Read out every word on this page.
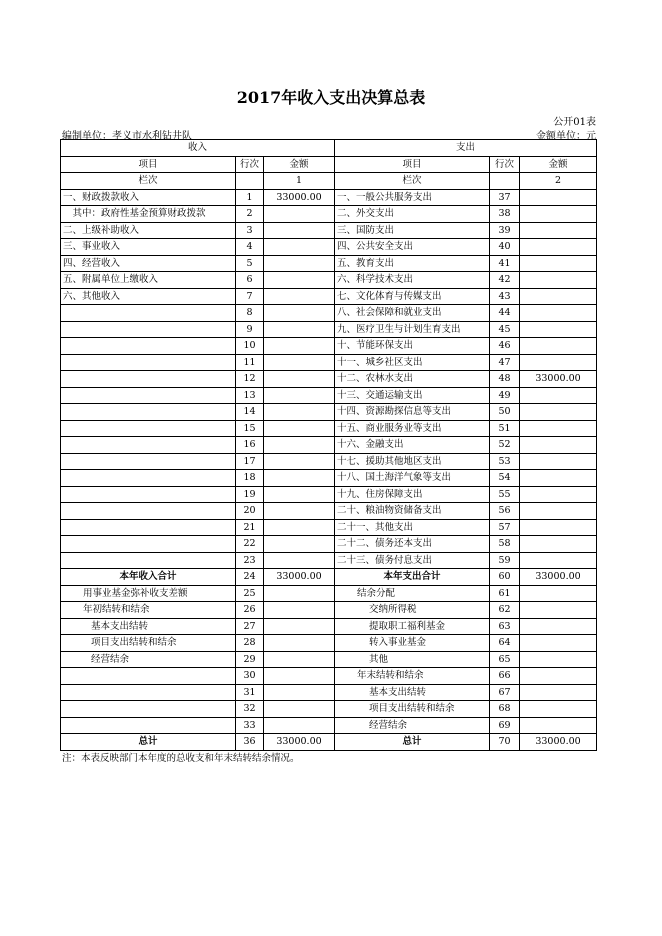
2017年收入支出决算总表
公开01表
编制单位：孝义市水利钻井队	金额单位：元
收入			支出		
项目	行次	金额	项目	行次	金额
栏次		1	栏次		2
一、财政拨款收入	1	33000.00	一、一般公共服务支出	37	
　其中：政府性基金预算财政拨款	2		二、外交支出	38	
二、上级补助收入	3		三、国防支出	39	
三、事业收入	4		四、公共安全支出	40	
四、经营收入	5		五、教育支出	41	
五、附属单位上缴收入	6		六、科学技术支出	42	
六、其他收入	7		七、文化体育与传媒支出	43	
	8		八、社会保障和就业支出	44	
	9		九、医疗卫生与计划生育支出	45	
	10		十、节能环保支出	46	
	11		十一、城乡社区支出	47	
	12		十二、农林水支出	48	33000.00
	13		十三、交通运输支出	49	
	14		十四、资源勘探信息等支出	50	
	15		十五、商业服务业等支出	51	
	16		十六、金融支出	52	
	17		十七、援助其他地区支出	53	
	18		十八、国土海洋气象等支出	54	
	19		十九、住房保障支出	55	
	20		二十、粮油物资储备支出	56	
	21		二十一、其他支出	57	
	22		二十二、债务还本支出	58	
	23		二十三、债务付息支出	59	
本年收入合计	24	33000.00	本年支出合计	60	33000.00
用事业基金弥补收支差额	25		结余分配	61	
年初结转和结余	26		交纳所得税	62	
基本支出结转	27		提取职工福利基金	63	
项目支出结转和结余	28		转入事业基金	64	
经营结余	29		其他	65	
	30		年末结转和结余	66	
	31		基本支出结转	67	
	32		项目支出结转和结余	68	
	33		经营结余	69	
总计	36	33000.00	总计	70	33000.00
注：本表反映部门本年度的总收支和年末结转结余情况。
